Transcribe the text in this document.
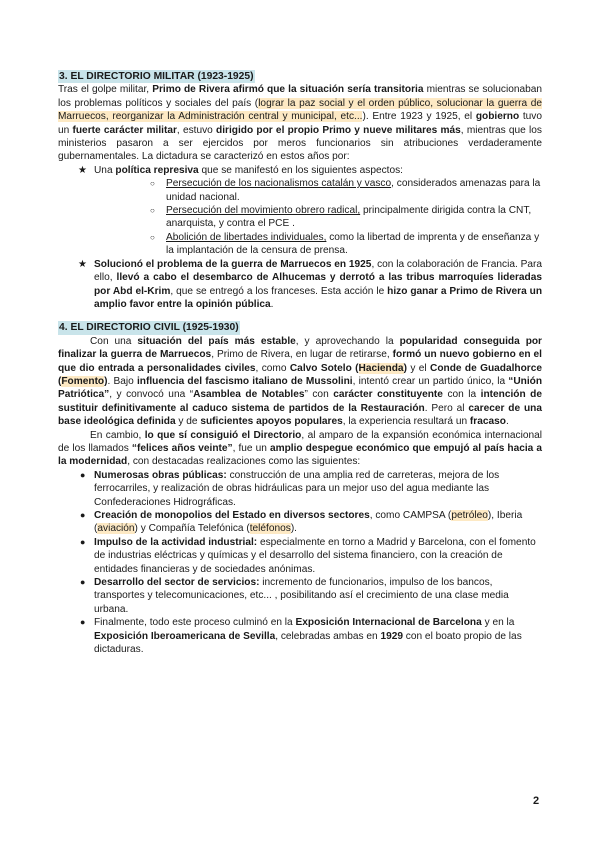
3. EL DIRECTORIO MILITAR (1923-1925)

Tras el golpe militar, Primo de Rivera afirmó que la situación sería transitoria mientras se solucionaban los problemas políticos y sociales del país (lograr la paz social y el orden público, solucionar la guerra de Marruecos, reorganizar la Administración central y municipal, etc...). Entre 1923 y 1925, el gobierno tuvo un fuerte carácter militar, estuvo dirigido por el propio Primo y nueve militares más, mientras que los ministerios pasaron a ser ejercidos por meros funcionarios sin atribuciones verdaderamente gubernamentales. La dictadura se caracterizó en estos años por:

★ Una política represiva que se manifestó en los siguientes aspectos:
○ Persecución de los nacionalismos catalán y vasco, considerados amenazas para la unidad nacional.
○ Persecución del movimiento obrero radical, principalmente dirigida contra la CNT, anarquista, y contra el PCE .
○ Abolición de libertades individuales, como la libertad de imprenta y de enseñanza y la implantación de la censura de prensa.
★ Solucionó el problema de la guerra de Marruecos en 1925, con la colaboración de Francia. Para ello, llevó a cabo el desembarco de Alhucemas y derrotó a las tribus marroquíes lideradas por Abd el-Krim, que se entregó a los franceses. Esta acción le hizo ganar a Primo de Rivera un amplio favor entre la opinión pública.
4. EL DIRECTORIO CIVIL (1925-1930)

Con una situación del país más estable, y aprovechando la popularidad conseguida por finalizar la guerra de Marruecos, Primo de Rivera, en lugar de retirarse, formó un nuevo gobierno en el que dio entrada a personalidades civiles, como Calvo Sotelo (Hacienda) y el Conde de Guadalhorce (Fomento). Bajo influencia del fascismo italiano de Mussolini, intentó crear un partido único, la “Unión Patriótica”, y convocó una “Asamblea de Notables” con carácter constituyente con la intención de sustituir definitivamente al caduco sistema de partidos de la Restauración. Pero al carecer de una base ideológica definida y de suficientes apoyos populares, la experiencia resultará un fracaso.

En cambio, lo que sí consiguió el Directorio, al amparo de la expansión económica internacional de los llamados “felices años veinte”, fue un amplio despegue económico que empujó al país hacia a la modernidad, con destacadas realizaciones como las siguientes:

● Numerosas obras públicas: construcción de una amplia red de carreteras, mejora de los ferrocarriles, y realización de obras hidráulicas para un mejor uso del agua mediante las Confederaciones Hidrográficas.
● Creación de monopolios del Estado en diversos sectores, como CAMPSA (petróleo), Iberia (aviación) y Compañía Telefónica (teléfonos).
● Impulso de la actividad industrial: especialmente en torno a Madrid y Barcelona, con el fomento de industrias eléctricas y químicas y el desarrollo del sistema financiero, con la creación de entidades financieras y de sociedades anónimas.
● Desarrollo del sector de servicios: incremento de funcionarios, impulso de los bancos, transportes y telecomunicaciones, etc... , posibilitando así el crecimiento de una clase media urbana.
● Finalmente, todo este proceso culminó en la Exposición Internacional de Barcelona y en la Exposición Iberoamericana de Sevilla, celebradas ambas en 1929 con el boato propio de las dictaduras.
2
